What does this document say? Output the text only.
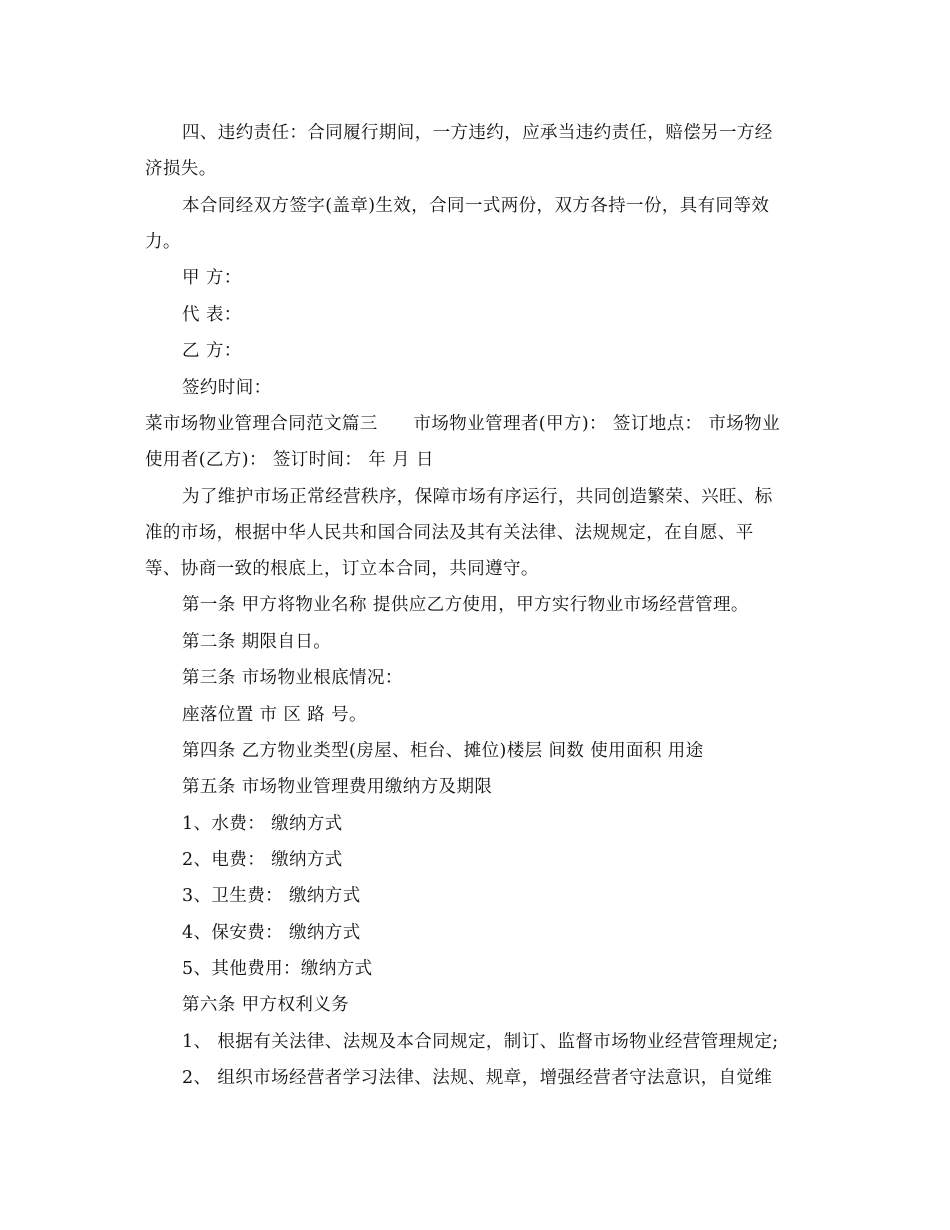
四、违约责任：合同履行期间，一方违约，应承当违约责任，赔偿另一方经
济损失。
本合同经双方签字(盖章)生效，合同一式两份，双方各持一份，具有同等效
力。
甲 方：
代 表：
乙 方：
签约时间：
菜市场物业管理合同范文篇三　　市场物业管理者(甲方)： 签订地点： 市场物业
使用者(乙方)： 签订时间： 年 月 日
为了维护市场正常经营秩序，保障市场有序运行，共同创造繁荣、兴旺、标
准的市场，根据中华人民共和国合同法及其有关法律、法规规定，在自愿、平
等、协商一致的根底上，订立本合同，共同遵守。
第一条 甲方将物业名称 提供应乙方使用，甲方实行物业市场经营管理。
第二条 期限自日。
第三条 市场物业根底情况：
座落位置 市 区 路 号。
第四条 乙方物业类型(房屋、柜台、摊位)楼层 间数 使用面积 用途
第五条 市场物业管理费用缴纳方及期限
1、水费： 缴纳方式
2、电费： 缴纳方式
3、卫生费： 缴纳方式
4、保安费： 缴纳方式
5、其他费用：缴纳方式
第六条 甲方权利义务
1、 根据有关法律、法规及本合同规定，制订、监督市场物业经营管理规定;
2、 组织市场经营者学习法律、法规、规章，增强经营者守法意识，自觉维
